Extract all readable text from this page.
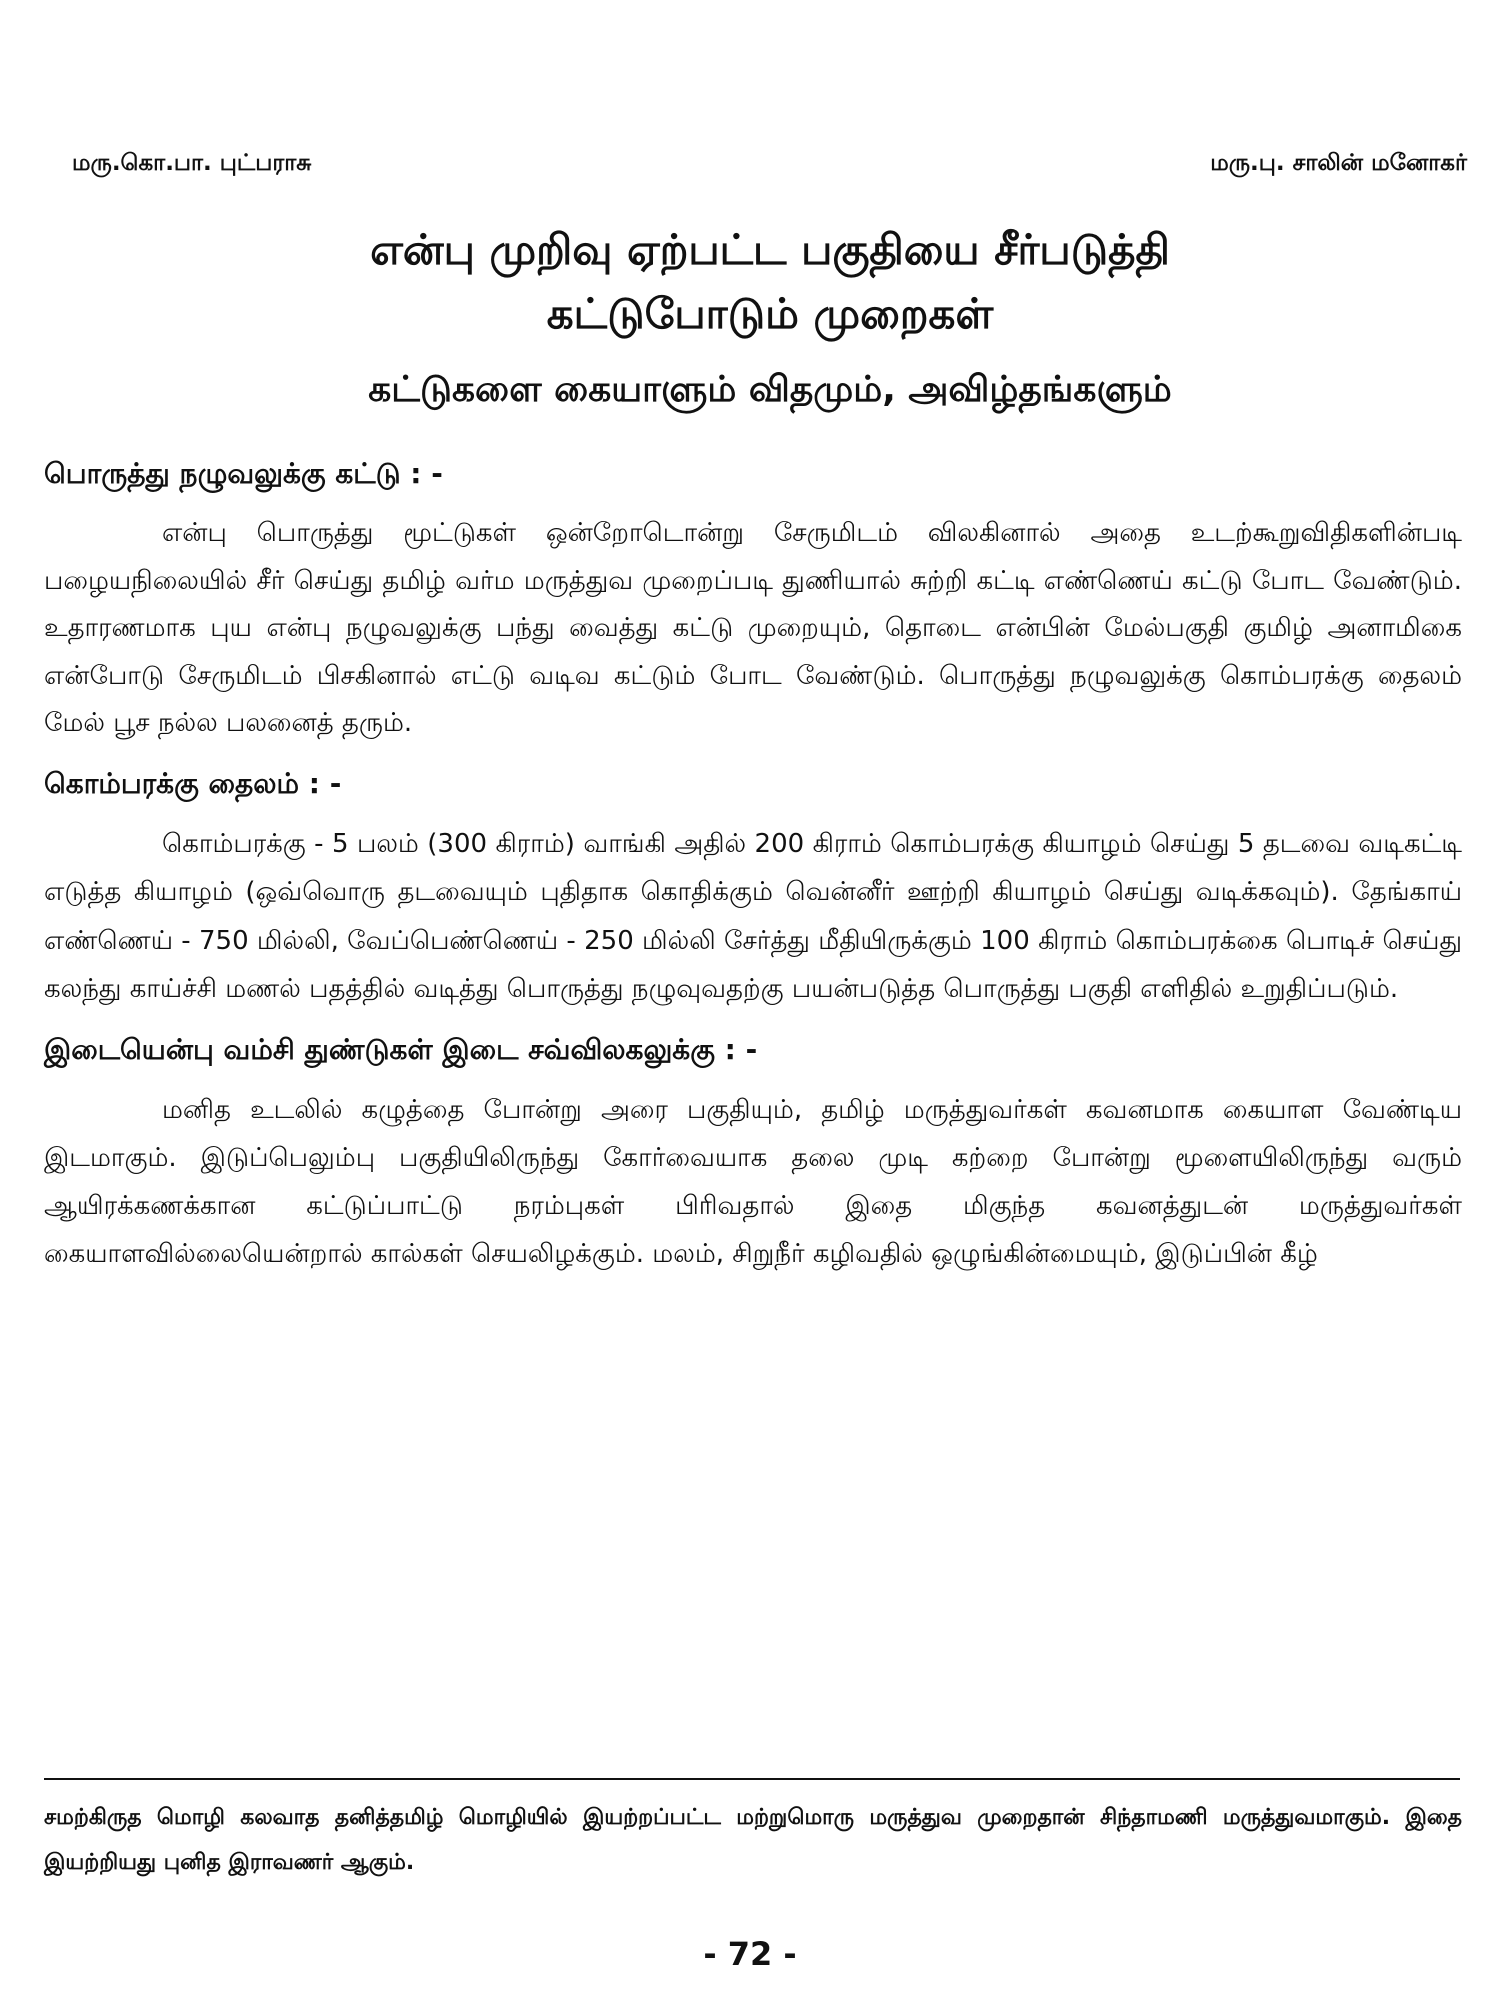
மரு.கொ.பா. புட்பராசு	மரு.பு. சாலின் மனோகர்
என்பு முறிவு ஏற்பட்ட பகுதியை சீர்படுத்தி
கட்டுபோடும் முறைகள்
கட்டுகளை கையாளும் விதமும், அவிழ்தங்களும்
பொருத்து நழுவலுக்கு கட்டு : -

என்பு பொருத்து மூட்டுகள் ஒன்றோடொன்று சேருமிடம் விலகினால் அதை உடற்கூறுவிதிகளின்படி பழையநிலையில் சீர் செய்து தமிழ் வர்ம மருத்துவ முறைப்படி துணியால் சுற்றி கட்டி எண்ணெய் கட்டு போட வேண்டும். உதாரணமாக புய என்பு நழுவலுக்கு பந்து வைத்து கட்டு முறையும், தொடை என்பின் மேல்பகுதி குமிழ் அனாமிகை என்போடு சேருமிடம் பிசகினால் எட்டு வடிவ கட்டும் போட வேண்டும். பொருத்து நழுவலுக்கு கொம்பரக்கு தைலம் மேல் பூச நல்ல பலனைத் தரும்.

கொம்பரக்கு தைலம் : -

கொம்பரக்கு - 5 பலம் (300 கிராம்) வாங்கி அதில் 200 கிராம் கொம்பரக்கு கியாழம் செய்து 5 தடவை வடிகட்டி எடுத்த கியாழம் (ஒவ்வொரு தடவையும் புதிதாக கொதிக்கும் வென்னீர் ஊற்றி கியாழம் செய்து வடிக்கவும்). தேங்காய் எண்ணெய் - 750 மில்லி, வேப்பெண்ணெய் - 250 மில்லி சேர்த்து மீதியிருக்கும் 100 கிராம் கொம்பரக்கை பொடிச் செய்து கலந்து காய்ச்சி மணல் பதத்தில் வடித்து பொருத்து நழுவுவதற்கு பயன்படுத்த பொருத்து பகுதி எளிதில் உறுதிப்படும்.

இடையென்பு வம்சி துண்டுகள் இடை சவ்விலகலுக்கு : -

மனித உடலில் கழுத்தை போன்று அரை பகுதியும், தமிழ் மருத்துவர்கள் கவனமாக கையாள வேண்டிய இடமாகும். இடுப்பெலும்பு பகுதியிலிருந்து கோர்வையாக தலை முடி கற்றை போன்று மூளையிலிருந்து வரும் ஆயிரக்கணக்கான கட்டுப்பாட்டு நரம்புகள் பிரிவதால் இதை மிகுந்த கவனத்துடன் மருத்துவர்கள் கையாளவில்லையென்றால் கால்கள் செயலிழக்கும். மலம், சிறுநீர் கழிவதில் ஒழுங்கின்மையும், இடுப்பின் கீழ்

சமற்கிருத மொழி கலவாத தனித்தமிழ் மொழியில் இயற்றப்பட்ட மற்றுமொரு மருத்துவ முறைதான் சிந்தாமணி மருத்துவமாகும். இதை இயற்றியது புனித இராவணர் ஆகும்.

- 72 -
